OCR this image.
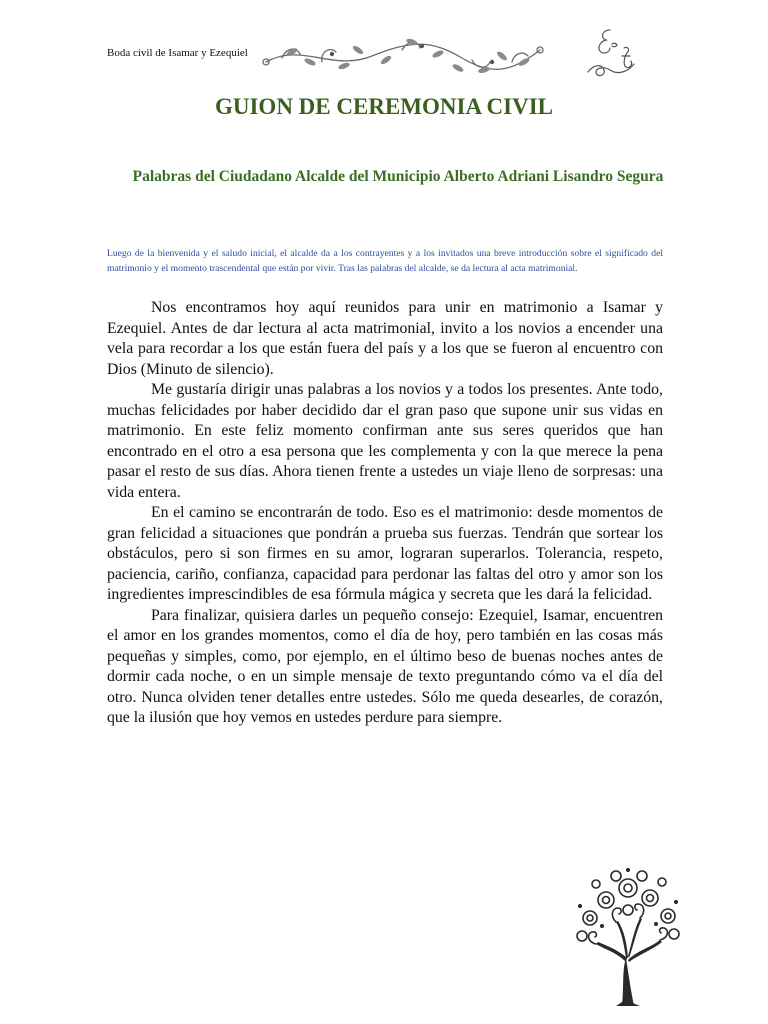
Boda civil de Isamar y Ezequiel
GUION DE CEREMONIA CIVIL
Palabras del Ciudadano Alcalde del Municipio Alberto Adriani Lisandro Segura

Luego de la bienvenida y el saludo inicial, el alcalde da a los contrayentes y a los invitados una breve introducción sobre el significado del matrimonio y el momento trascendental que están por vivir. Tras las palabras del alcalde, se da lectura al acta matrimonial.

Nos encontramos hoy aquí reunidos para unir en matrimonio a Isamar y Ezequiel. Antes de dar lectura al acta matrimonial, invito a los novios a encender una vela para recordar a los que están fuera del país y a los que se fueron al encuentro con Dios (Minuto de silencio).

Me gustaría dirigir unas palabras a los novios y a todos los presentes. Ante todo, muchas felicidades por haber decidido dar el gran paso que supone unir sus vidas en matrimonio. En este feliz momento confirman ante sus seres queridos que han encontrado en el otro a esa persona que les complementa y con la que merece la pena pasar el resto de sus días. Ahora tienen frente a ustedes un viaje lleno de sorpresas: una vida entera.

En el camino se encontrarán de todo. Eso es el matrimonio: desde momentos de gran felicidad a situaciones que pondrán a prueba sus fuerzas. Tendrán que sortear los obstáculos, pero si son firmes en su amor, lograran superarlos. Tolerancia, respeto, paciencia, cariño, confianza, capacidad para perdonar las faltas del otro y amor son los ingredientes imprescindibles de esa fórmula mágica y secreta que les dará la felicidad.

Para finalizar, quisiera darles un pequeño consejo: Ezequiel, Isamar, encuentren el amor en los grandes momentos, como el día de hoy, pero también en las cosas más pequeñas y simples, como, por ejemplo, en el último beso de buenas noches antes de dormir cada noche, o en un simple mensaje de texto preguntando cómo va el día del otro. Nunca olviden tener detalles entre ustedes. Sólo me queda desearles, de corazón, que la ilusión que hoy vemos en ustedes perdure para siempre.
